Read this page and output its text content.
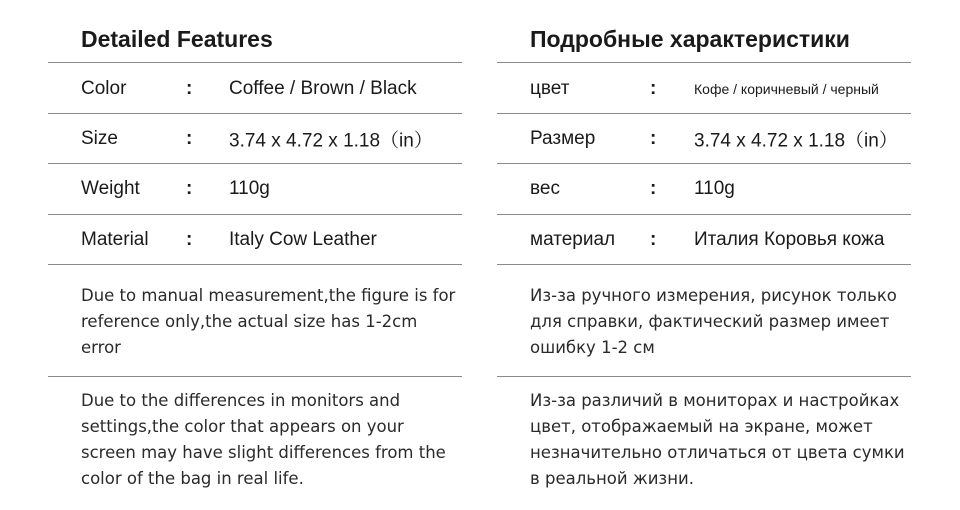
Detailed Features
Color	: Coffee / Brown / Black
Size	: 3.74 x 4.72 x 1.18（in）
Weight : 110g
Material : Italy Cow Leather
Due to manual measurement,the figure is for reference only,the actual size has 1-2cm error
Due to the differences in monitors and settings,the color that appears on your screen may have slight differences from the color of the bag in real life.
Подробные характеристики
цвет	:	Кофе / коричневый / черный
Размер	: 3.74 x 4.72 x 1.18（in）
вес	: 110g
материал : Италия Коровья кожа
Из-за ручного измерения, рисунок только для справки, фактический размер имеет ошибку 1-2 см
Из-за различий в мониторах и настройках цвет, отображаемый на экране, может незначительно отличаться от цвета сумки в реальной жизни.
